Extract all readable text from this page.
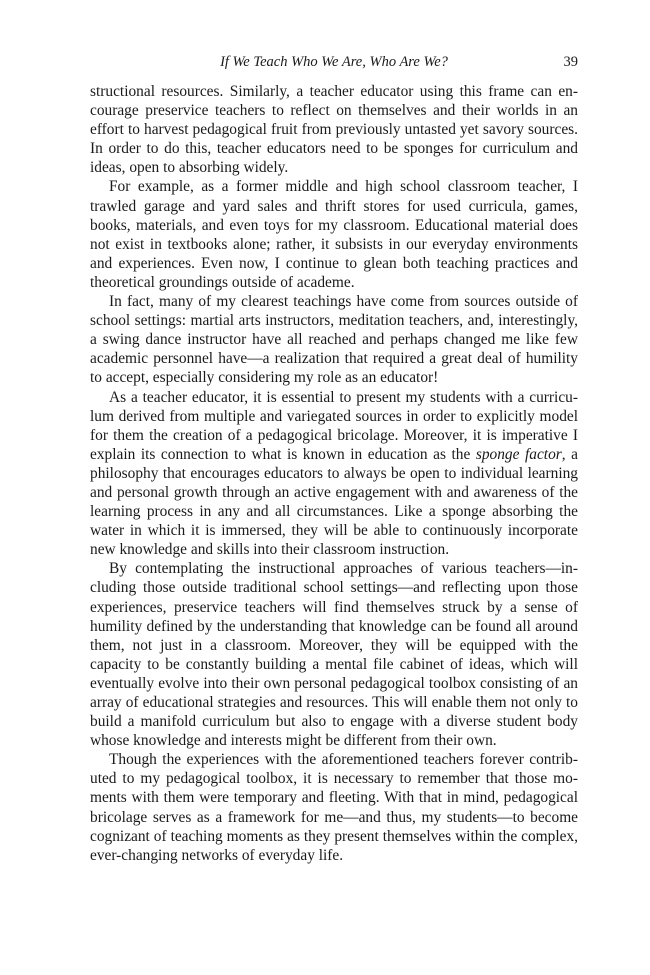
If We Teach Who We Are, Who Are We?	39

structional resources. Similarly, a teacher educator using this frame can encourage preservice teachers to reflect on themselves and their worlds in an effort to harvest pedagogical fruit from previously untasted yet savory sources. In order to do this, teacher educators need to be sponges for curriculum and ideas, open to absorbing widely.

For example, as a former middle and high school classroom teacher, I trawled garage and yard sales and thrift stores for used curricula, games, books, materials, and even toys for my classroom. Educational material does not exist in textbooks alone; rather, it subsists in our everyday environments and experiences. Even now, I continue to glean both teaching practices and theoretical groundings outside of academe.

In fact, many of my clearest teachings have come from sources outside of school settings: martial arts instructors, meditation teachers, and, interestingly, a swing dance instructor have all reached and perhaps changed me like few academic personnel have—a realization that required a great deal of humility to accept, especially considering my role as an educator!

As a teacher educator, it is essential to present my students with a curriculum derived from multiple and variegated sources in order to explicitly model for them the creation of a pedagogical bricolage. Moreover, it is imperative I explain its connection to what is known in education as the sponge factor, a philosophy that encourages educators to always be open to individual learning and personal growth through an active engagement with and awareness of the learning process in any and all circumstances. Like a sponge absorbing the water in which it is immersed, they will be able to continuously incorporate new knowledge and skills into their classroom instruction.

By contemplating the instructional approaches of various teachers—including those outside traditional school settings—and reflecting upon those experiences, preservice teachers will find themselves struck by a sense of humility defined by the understanding that knowledge can be found all around them, not just in a classroom. Moreover, they will be equipped with the capacity to be constantly building a mental file cabinet of ideas, which will eventually evolve into their own personal pedagogical toolbox consisting of an array of educational strategies and resources. This will enable them not only to build a manifold curriculum but also to engage with a diverse student body whose knowledge and interests might be different from their own.

Though the experiences with the aforementioned teachers forever contributed to my pedagogical toolbox, it is necessary to remember that those moments with them were temporary and fleeting. With that in mind, pedagogical bricolage serves as a framework for me—and thus, my students—to become cognizant of teaching moments as they present themselves within the complex, ever-changing networks of everyday life.
